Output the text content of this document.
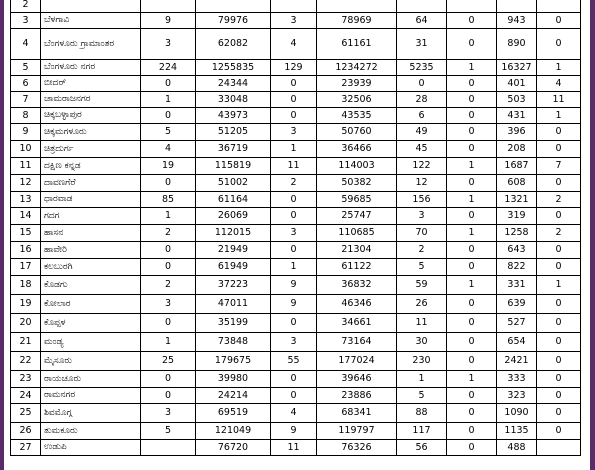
2									
3	ಬೆಳಗಾವಿ	9	79976	3	78969	64	0	943	0
4	ಬೆಂಗಳೂರು ಗ್ರಾಮಾಂತರ	3	62082	4	61161	31	0	890	0
5	ಬೆಂಗಳೂರು ನಗರ	224	1255835	129	1234272	5235	1	16327	1
6	ಬೀದರ್	0	24344	0	23939	0	0	401	4
7	ಚಾಮರಾಜನಗರ	1	33048	0	32506	28	0	503	11
8	ಚಿಕ್ಕಬಳ್ಳಾಪುರ	0	43973	0	43535	6	0	431	1
9	ಚಿಕ್ಕಮಗಳೂರು	5	51205	3	50760	49	0	396	0
10	ಚಿತ್ರದುರ್ಗ	4	36719	1	36466	45	0	208	0
11	ದಕ್ಷಿಣ ಕನ್ನಡ	19	115819	11	114003	122	1	1687	7
12	ದಾವಣಗೆರೆ	0	51002	2	50382	12	0	608	0
13	ಧಾರವಾಡ	85	61164	0	59685	156	1	1321	2
14	ಗದಗ	1	26069	0	25747	3	0	319	0
15	ಹಾಸನ	2	112015	3	110685	70	1	1258	2
16	ಹಾವೇರಿ	0	21949	0	21304	2	0	643	0
17	ಕಲಬುರಗಿ	0	61949	1	61122	5	0	822	0
18	ಕೊಡಗು	2	37223	9	36832	59	1	331	1
19	ಕೋಲಾರ	3	47011	9	46346	26	0	639	0
20	ಕೊಪ್ಪಳ	0	35199	0	34661	11	0	527	0
21	ಮಂಡ್ಯ	1	73848	3	73164	30	0	654	0
22	ಮೈಸೂರು	25	179675	55	177024	230	0	2421	0
23	ರಾಯಚೂರು	0	39980	0	39646	1	1	333	0
24	ರಾಮನಗರ	0	24214	0	23886	5	0	323	0
25	ಶಿವಮೊಗ್ಗ	3	69519	4	68341	88	0	1090	0
26	ತುಮಕೂರು	5	121049	9	119797	117	0	1135	0
27	ಉಡುಪಿ		76720	11	76326	56	0	488	
